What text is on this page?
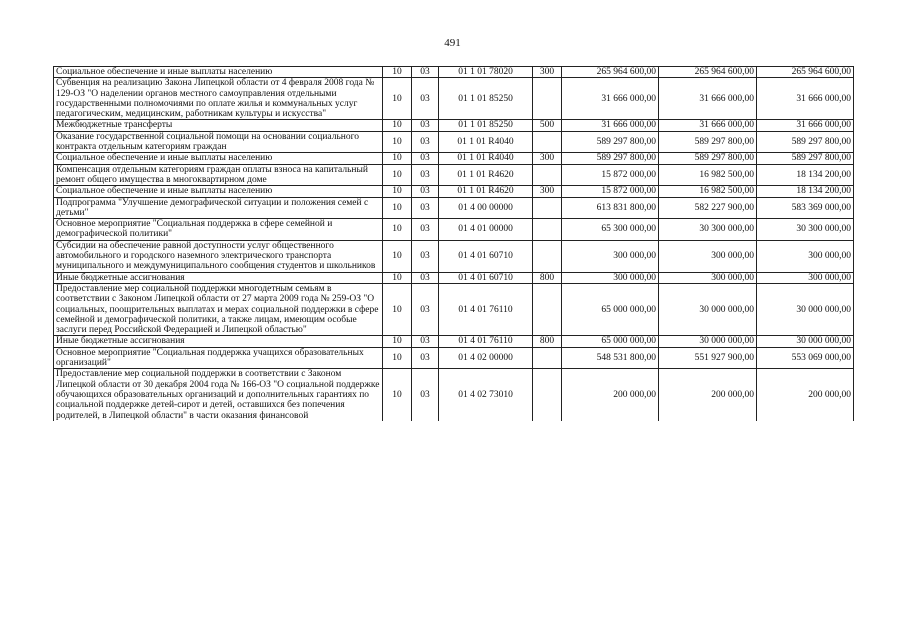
491
Социальное обеспечение и иные выплаты населению	10	03	01 1 01 78020	300	265 964 600,00	265 964 600,00	265 964 600,00
Субвенция на реализацию Закона Липецкой области от 4 февраля 2008 года № 129-ОЗ "О наделении органов местного самоуправления отдельными государственными полномочиями по оплате жилья и коммунальных услуг педагогическим, медицинским, работникам культуры и искусства"	10	03	01 1 01 85250		31 666 000,00	31 666 000,00	31 666 000,00
Межбюджетные трансферты	10	03	01 1 01 85250	500	31 666 000,00	31 666 000,00	31 666 000,00
Оказание государственной социальной помощи на основании социального контракта отдельным категориям граждан	10	03	01 1 01 R4040		589 297 800,00	589 297 800,00	589 297 800,00
Социальное обеспечение и иные выплаты населению	10	03	01 1 01 R4040	300	589 297 800,00	589 297 800,00	589 297 800,00
Компенсация отдельным категориям граждан оплаты взноса на капитальный ремонт общего имущества в многоквартирном доме	10	03	01 1 01 R4620		15 872 000,00	16 982 500,00	18 134 200,00
Социальное обеспечение и иные выплаты населению	10	03	01 1 01 R4620	300	15 872 000,00	16 982 500,00	18 134 200,00
Подпрограмма "Улучшение демографической ситуации и положения семей с детьми"	10	03	01 4 00 00000		613 831 800,00	582 227 900,00	583 369 000,00
Основное мероприятие "Социальная поддержка в сфере семейной и демографической политики"	10	03	01 4 01 00000		65 300 000,00	30 300 000,00	30 300 000,00
Субсидии на обеспечение равной доступности услуг общественного автомобильного и городского наземного электрического транспорта муниципального и междумуниципального сообщения студентов и школьников	10	03	01 4 01 60710		300 000,00	300 000,00	300 000,00
Иные бюджетные ассигнования	10	03	01 4 01 60710	800	300 000,00	300 000,00	300 000,00
Предоставление мер социальной поддержки многодетным семьям в соответствии с Законом Липецкой области от 27 марта 2009 года № 259-ОЗ "О социальных, поощрительных выплатах и мерах социальной поддержки в сфере семейной и демографической политики, а также лицам, имеющим особые заслуги перед Российской Федерацией и Липецкой областью"	10	03	01 4 01 76110		65 000 000,00	30 000 000,00	30 000 000,00
Иные бюджетные ассигнования	10	03	01 4 01 76110	800	65 000 000,00	30 000 000,00	30 000 000,00
Основное мероприятие "Социальная поддержка учащихся образовательных организаций"	10	03	01 4 02 00000		548 531 800,00	551 927 900,00	553 069 000,00
Предоставление мер социальной поддержки в соответствии с Законом Липецкой области от 30 декабря 2004 года № 166-ОЗ "О социальной поддержке обучающихся образовательных организаций и дополнительных гарантиях по социальной поддержке детей-сирот и детей, оставшихся без попечения родителей, в Липецкой области" в части оказания финансовой	10	03	01 4 02 73010		200 000,00	200 000,00	200 000,00
